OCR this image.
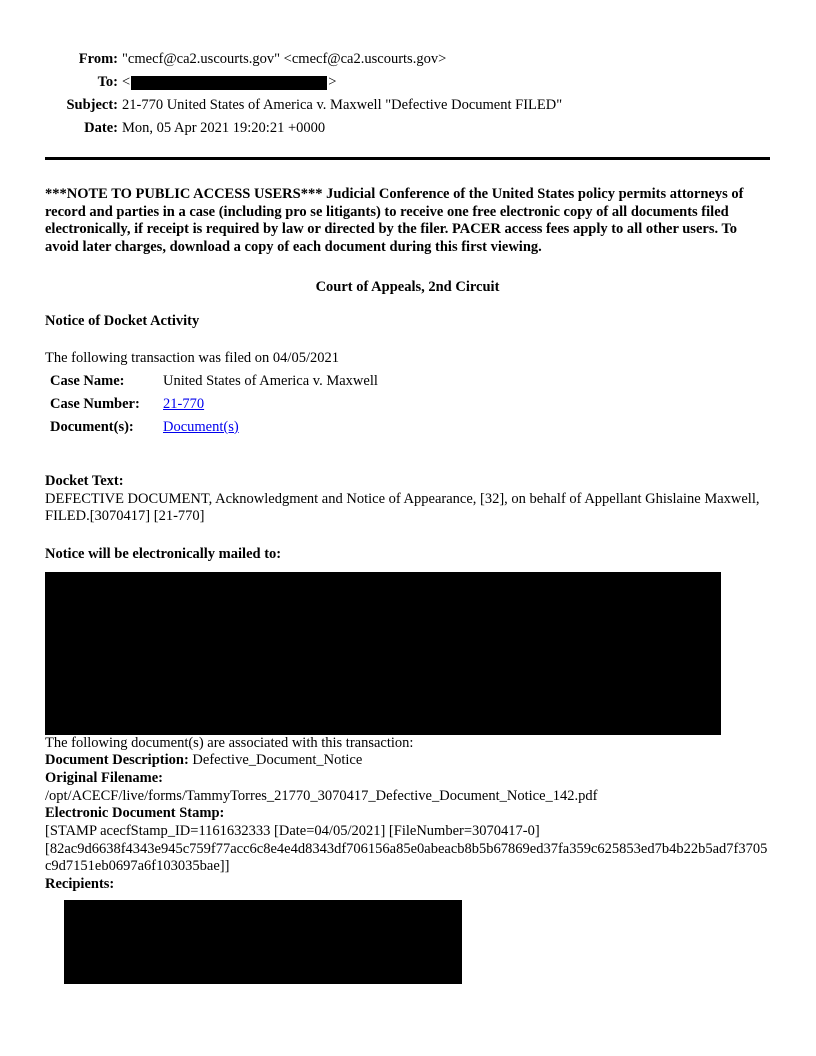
From: "cmecf@ca2.uscourts.gov" <cmecf@ca2.uscourts.gov>
To: <	>
Subject: 21-770 United States of America v. Maxwell "Defective Document FILED"
Date: Mon, 05 Apr 2021 19:20:21 +0000

***NOTE TO PUBLIC ACCESS USERS*** Judicial Conference of the United States policy permits attorneys of record and parties in a case (including pro se litigants) to receive one free electronic copy of all documents filed electronically, if receipt is required by law or directed by the filer. PACER access fees apply to all other users. To avoid later charges, download a copy of each document during this first viewing.

Court of Appeals, 2nd Circuit

Notice of Docket Activity

The following transaction was filed on 04/05/2021

Case Name:	United States of America v. Maxwell
Case Number:	21-770
Document(s):	Document(s)

Docket Text:

DEFECTIVE DOCUMENT, Acknowledgment and Notice of Appearance, [32], on behalf of Appellant Ghislaine Maxwell, FILED.[3070417] [21-770]

Notice will be electronically mailed to:

The following document(s) are associated with this transaction:

Document Description: Defective_Document_Notice

Original Filename:

/opt/ACECF/live/forms/TammyTorres_21770_3070417_Defective_Document_Notice_142.pdf

Electronic Document Stamp:

[STAMP acecfStamp_ID=1161632333 [Date=04/05/2021] [FileNumber=3070417-0]

[82ac9d6638f4343e945c759f77acc6c8e4e4d8343df706156a85e0abeacb8b5b67869ed37fa359c625853ed7b4b22b5ad7f3705c9d7151eb0697a6f103035bae]]

Recipients:
